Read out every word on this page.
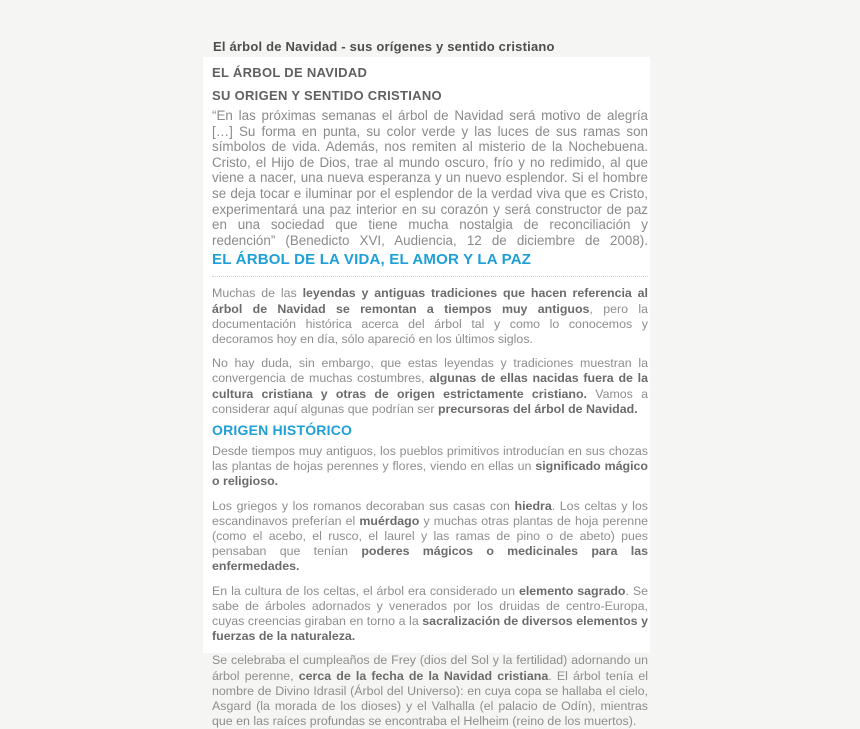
El árbol de Navidad - sus orígenes y sentido cristiano
EL ÁRBOL DE NAVIDAD
SU ORIGEN Y SENTIDO CRISTIANO

“En las próximas semanas el árbol de Navidad será motivo de alegría […] Su forma en punta, su color verde y las luces de sus ramas son símbolos de vida. Además, nos remiten al misterio de la Nochebuena. Cristo, el Hijo de Dios, trae al mundo oscuro, frío y no redimido, al que viene a nacer, una nueva esperanza y un nuevo esplendor. Si el hombre se deja tocar e iluminar por el esplendor de la verdad viva que es Cristo, experimentará una paz interior en su corazón y será constructor de paz en una sociedad que tiene mucha nostalgia de reconciliación y redención” (Benedicto XVI, Audiencia, 12 de diciembre de 2008).

EL ÁRBOL DE LA VIDA, EL AMOR Y LA PAZ

Muchas de las leyendas y antiguas tradiciones que hacen referencia al árbol de Navidad se remontan a tiempos muy antiguos, pero la documentación histórica acerca del árbol tal y como lo conocemos y decoramos hoy en día, sólo apareció en los últimos siglos.

No hay duda, sin embargo, que estas leyendas y tradiciones muestran la convergencia de muchas costumbres, algunas de ellas nacidas fuera de la cultura cristiana y otras de origen estrictamente cristiano. Vamos a considerar aquí algunas que podrían ser precursoras del árbol de Navidad.

ORIGEN HISTÓRICO

Desde tiempos muy antiguos, los pueblos primitivos introducían en sus chozas las plantas de hojas perennes y flores, viendo en ellas un significado mágico o religioso.

Los griegos y los romanos decoraban sus casas con hiedra. Los celtas y los escandinavos preferían el muérdago y muchas otras plantas de hoja perenne (como el acebo, el rusco, el laurel y las ramas de pino o de abeto) pues pensaban que tenían poderes mágicos o medicinales para las enfermedades.

En la cultura de los celtas, el árbol era considerado un elemento sagrado. Se sabe de árboles adornados y venerados por los druidas de centro-Europa, cuyas creencias giraban en torno a la sacralización de diversos elementos y fuerzas de la naturaleza.

Se celebraba el cumpleaños de Frey (dios del Sol y la fertilidad) adornando un árbol perenne, cerca de la fecha de la Navidad cristiana. El árbol tenía el nombre de Divino Idrasil (Árbol del Universo): en cuya copa se hallaba el cielo, Asgard (la morada de los dioses) y el Valhalla (el palacio de Odín), mientras que en las raíces profundas se encontraba el Helheim (reino de los muertos).
